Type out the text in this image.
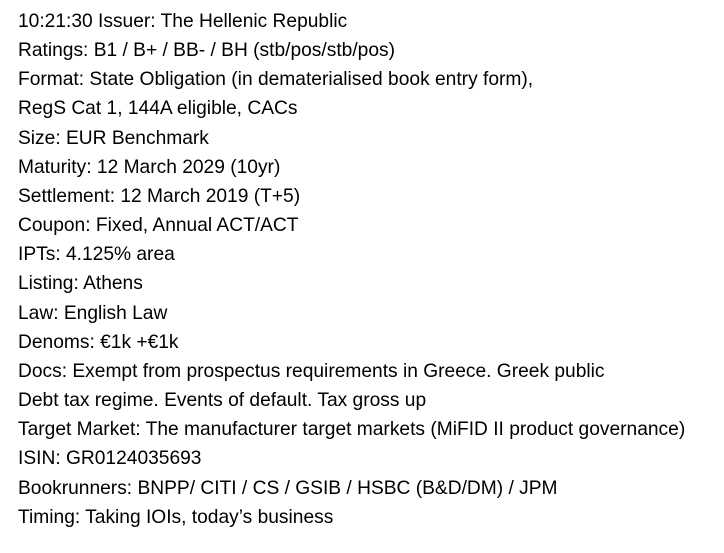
10:21:30 Issuer: The Hellenic Republic
Ratings: B1 / B+ / BB- / BH (stb/pos/stb/pos)
Format: State Obligation (in dematerialised book entry form),
RegS Cat 1, 144A eligible, CACs
Size: EUR Benchmark
Maturity: 12 March 2029 (10yr)
Settlement: 12 March 2019 (T+5)
Coupon: Fixed, Annual ACT/ACT
IPTs: 4.125% area
Listing: Athens
Law: English Law
Denoms: €1k +€1k
Docs: Exempt from prospectus requirements in Greece. Greek public
Debt tax regime. Events of default. Tax gross up
Target Market: The manufacturer target markets (MiFID II product governance)
ISIN: GR0124035693
Bookrunners: BNPP/ CITI / CS / GSIB / HSBC (B&D/DM) / JPM
Timing: Taking IOIs, today’s business
